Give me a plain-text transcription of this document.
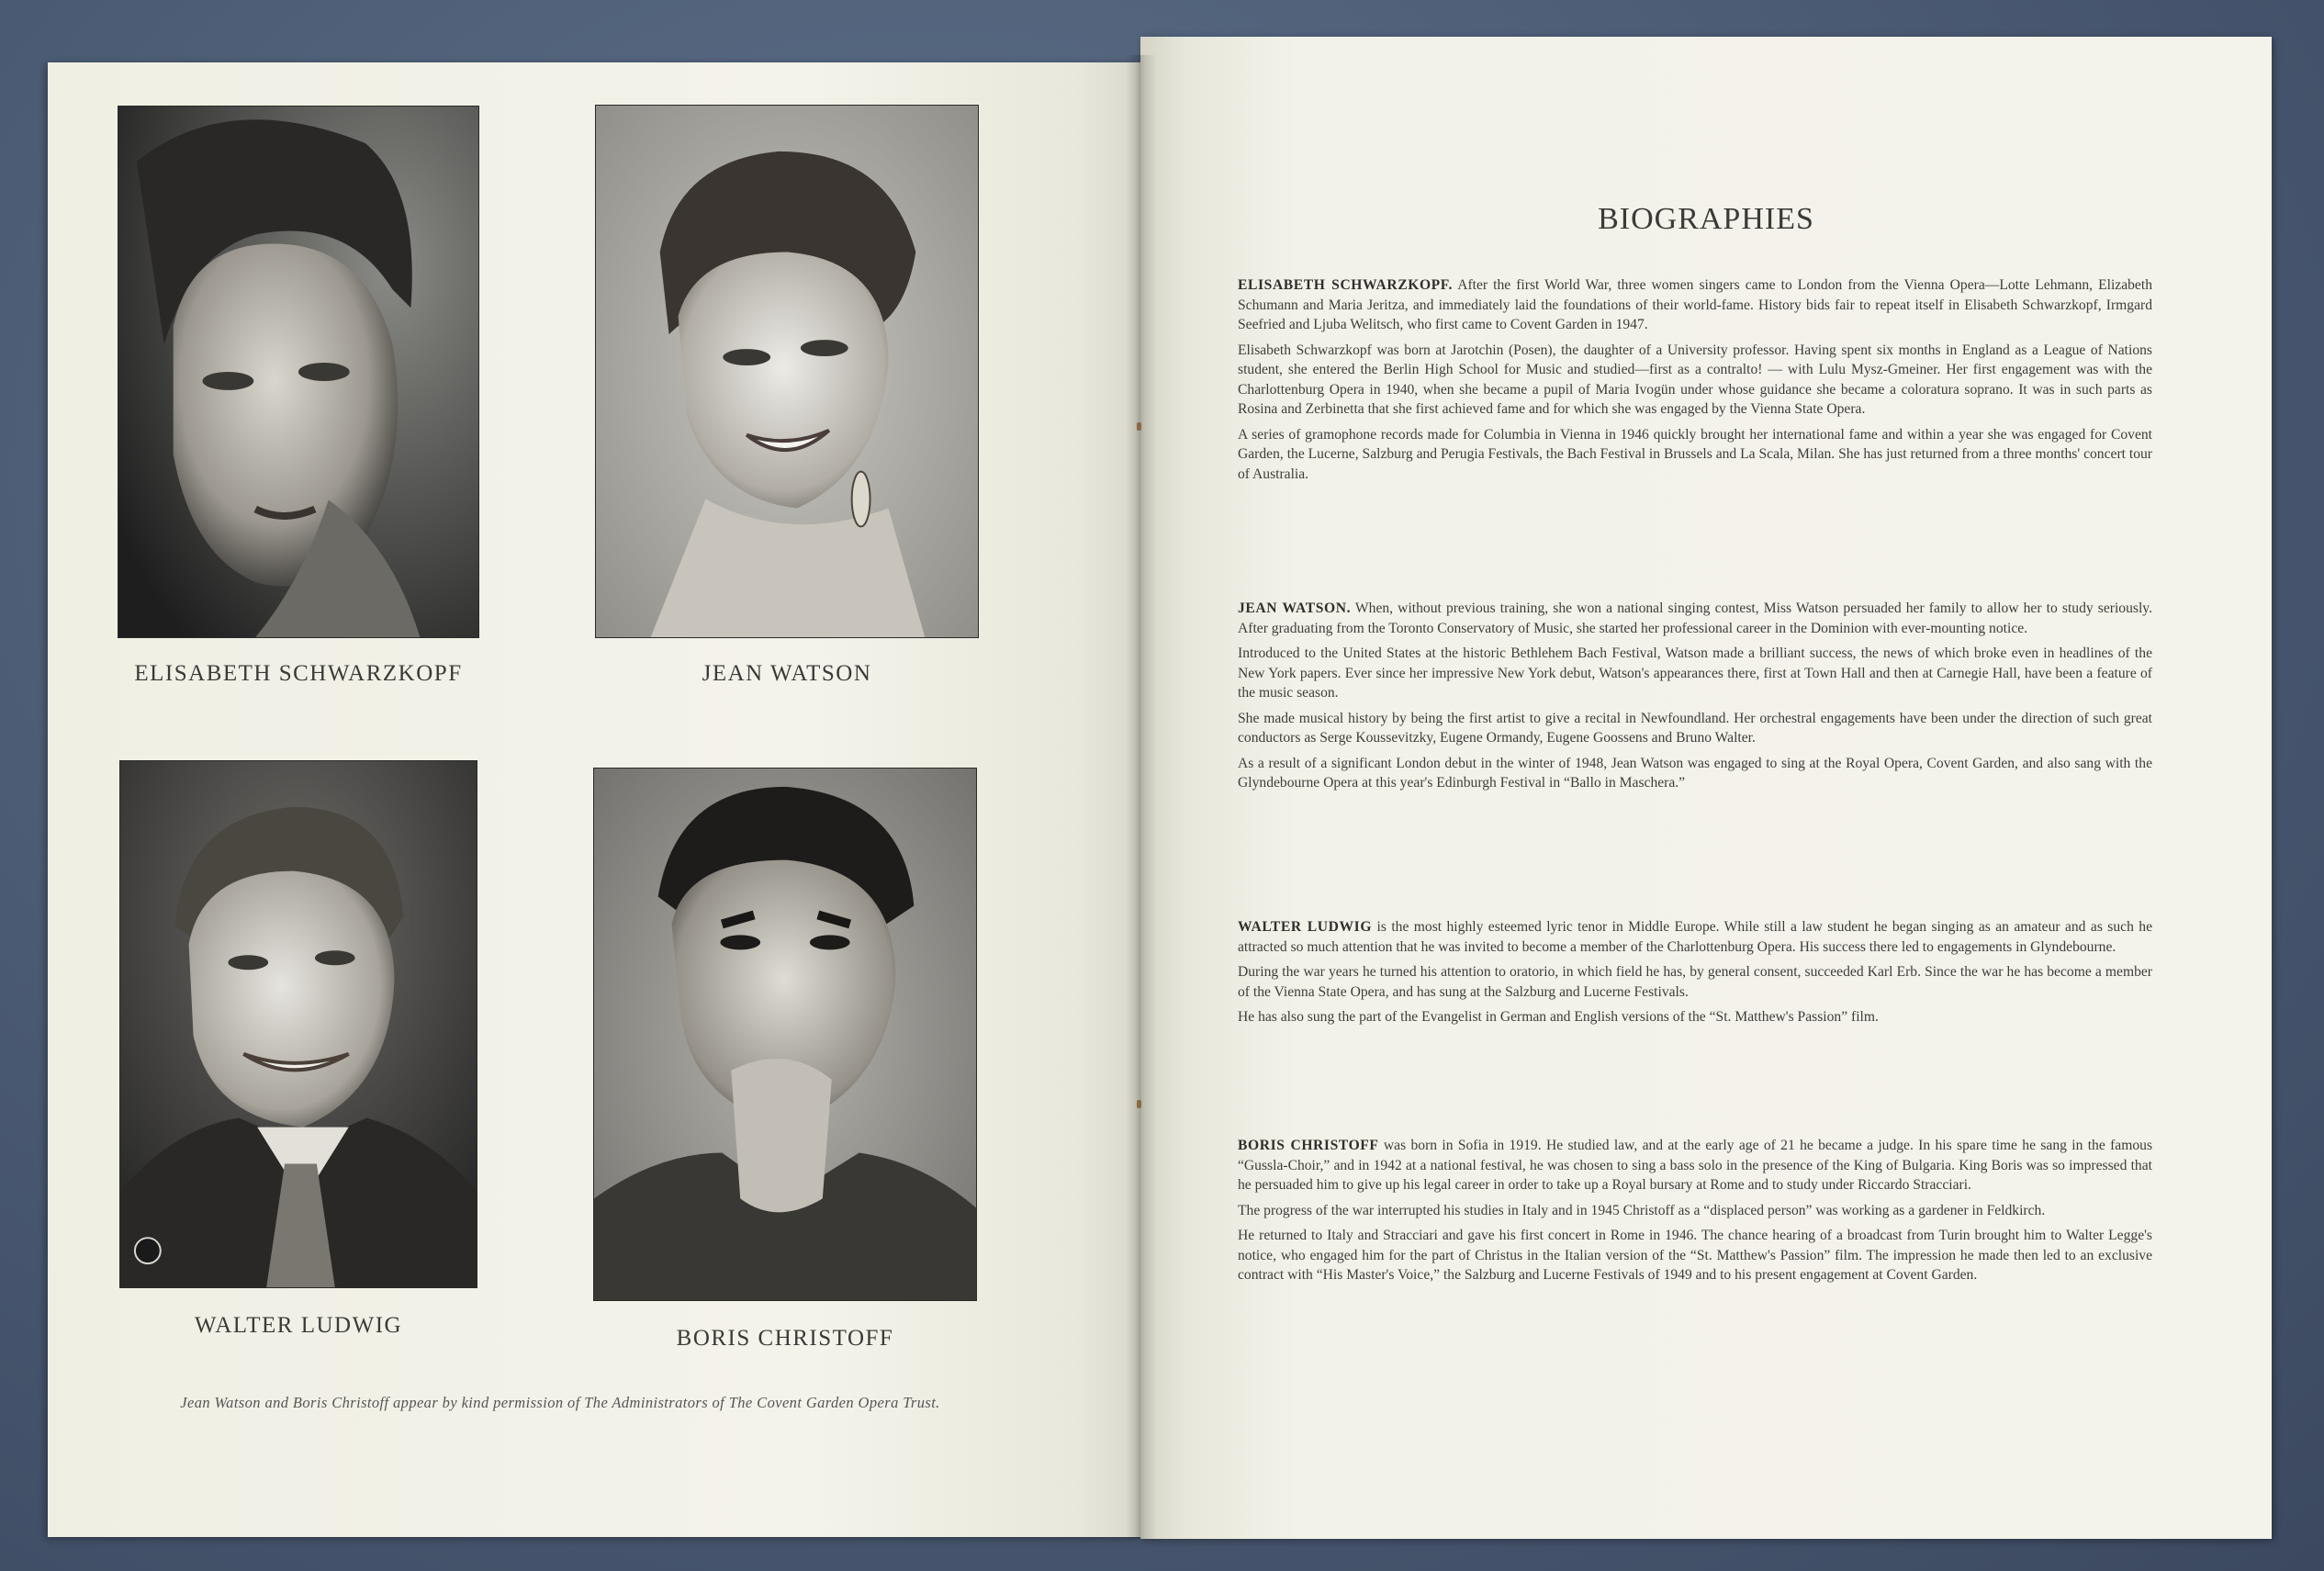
ELISABETH SCHWARZKOPF	JEAN WATSON
WALTER LUDWIG
BORIS CHRISTOFF
Jean Watson and Boris Christoff appear by kind permission of The Administrators of The Covent Garden Opera Trust.
BIOGRAPHIES

ELISABETH SCHWARZKOPF. After the first World War, three women singers came to London from the Vienna Opera—Lotte Lehmann, Elizabeth Schumann and Maria Jeritza, and immediately laid the foundations of their world-fame. History bids fair to repeat itself in Elisabeth Schwarzkopf, Irmgard Seefried and Ljuba Welitsch, who first came to Covent Garden in 1947.

Elisabeth Schwarzkopf was born at Jarotchin (Posen), the daughter of a University professor. Having spent six months in England as a League of Nations student, she entered the Berlin High School for Music and studied—first as a contralto! — with Lulu Mysz-Gmeiner. Her first engagement was with the Charlottenburg Opera in 1940, when she became a pupil of Maria Ivogün under whose guidance she became a coloratura soprano. It was in such parts as Rosina and Zerbinetta that she first achieved fame and for which she was engaged by the Vienna State Opera.

A series of gramophone records made for Columbia in Vienna in 1946 quickly brought her international fame and within a year she was engaged for Covent Garden, the Lucerne, Salzburg and Perugia Festivals, the Bach Festival in Brussels and La Scala, Milan. She has just returned from a three months' concert tour of Australia.

JEAN WATSON. When, without previous training, she won a national singing contest, Miss Watson persuaded her family to allow her to study seriously. After graduating from the Toronto Conservatory of Music, she started her professional career in the Dominion with ever-mounting notice.

Introduced to the United States at the historic Bethlehem Bach Festival, Watson made a brilliant success, the news of which broke even in headlines of the New York papers. Ever since her impressive New York debut, Watson's appearances there, first at Town Hall and then at Carnegie Hall, have been a feature of the music season.

She made musical history by being the first artist to give a recital in Newfoundland. Her orchestral engagements have been under the direction of such great conductors as Serge Koussevitzky, Eugene Ormandy, Eugene Goossens and Bruno Walter.

As a result of a significant London debut in the winter of 1948, Jean Watson was engaged to sing at the Royal Opera, Covent Garden, and also sang with the Glyndebourne Opera at this year's Edinburgh Festival in “Ballo in Maschera.”

WALTER LUDWIG is the most highly esteemed lyric tenor in Middle Europe. While still a law student he began singing as an amateur and as such he attracted so much attention that he was invited to become a member of the Charlottenburg Opera. His success there led to engagements in Glyndebourne.

During the war years he turned his attention to oratorio, in which field he has, by general consent, succeeded Karl Erb. Since the war he has become a member of the Vienna State Opera, and has sung at the Salzburg and Lucerne Festivals.

He has also sung the part of the Evangelist in German and English versions of the “St. Matthew's Passion” film.

BORIS CHRISTOFF was born in Sofia in 1919. He studied law, and at the early age of 21 he became a judge. In his spare time he sang in the famous “Gussla-Choir,” and in 1942 at a national festival, he was chosen to sing a bass solo in the presence of the King of Bulgaria. King Boris was so impressed that he persuaded him to give up his legal career in order to take up a Royal bursary at Rome and to study under Riccardo Stracciari.

The progress of the war interrupted his studies in Italy and in 1945 Christoff as a “displaced person” was working as a gardener in Feldkirch.

He returned to Italy and Stracciari and gave his first concert in Rome in 1946. The chance hearing of a broadcast from Turin brought him to Walter Legge's notice, who engaged him for the part of Christus in the Italian version of the “St. Matthew's Passion” film. The impression he made then led to an exclusive contract with “His Master's Voice,” the Salzburg and Lucerne Festivals of 1949 and to his present engagement at Covent Garden.
